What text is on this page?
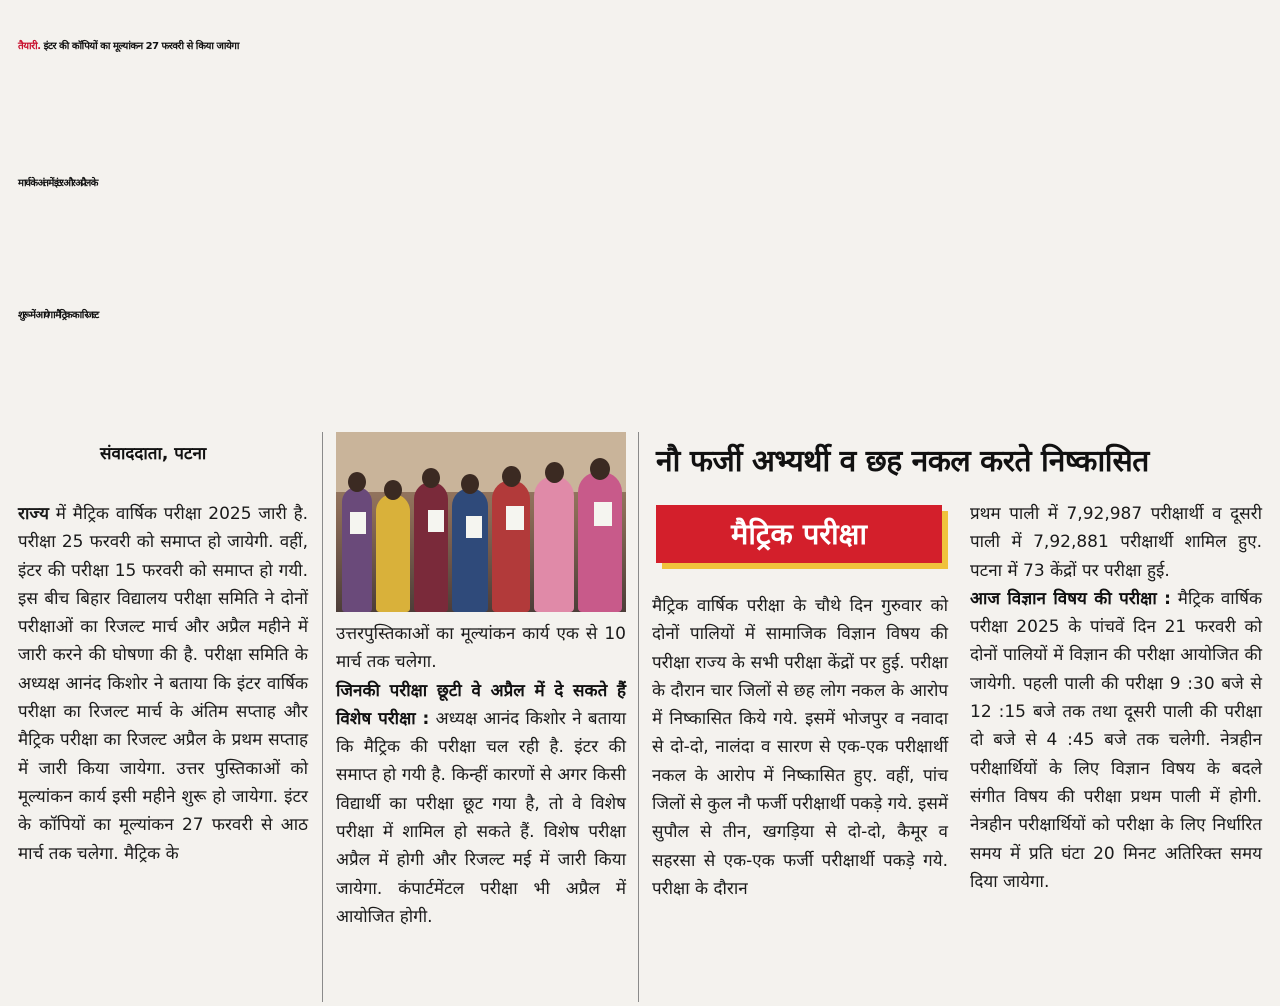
तैयारी. इंटर की कॉपियों का मूल्यांकन 27 फरवरी से किया जायेगा
मार्च के अंत में इंटर और अप्रैल के
शुरू में आयेगा मैट्रिक का रिजल्ट
संवाददाता, पटना

राज्य में मैट्रिक वार्षिक परीक्षा 2025 जारी है. परीक्षा 25 फरवरी को समाप्त हो जायेगी. वहीं, इंटर की परीक्षा 15 फरवरी को समाप्त हो गयी. इस बीच बिहार विद्यालय परीक्षा समिति ने दोनों परीक्षाओं का रिजल्ट मार्च और अप्रैल महीने में जारी करने की घोषणा की है. परीक्षा समिति के अध्यक्ष आनंद किशोर ने बताया कि इंटर वार्षिक परीक्षा का रिजल्ट मार्च के अंतिम सप्ताह और मैट्रिक परीक्षा का रिजल्ट अप्रैल के प्रथम सप्ताह में जारी किया जायेगा. उत्तर पुस्तिकाओं को मूल्यांकन कार्य इसी महीने शुरू हो जायेगा. इंटर के कॉपियों का मूल्यांकन 27 फरवरी से आठ मार्च तक चलेगा. मैट्रिक के

उत्तरपुस्तिकाओं का मूल्यांकन कार्य एक से 10 मार्च तक चलेगा.

जिनकी परीक्षा छूटी वे अप्रैल में दे सकते हैं विशेष परीक्षा : अध्यक्ष आनंद किशोर ने बताया कि मैट्रिक की परीक्षा चल रही है. इंटर की समाप्त हो गयी है. किन्हीं कारणों से अगर किसी विद्यार्थी का परीक्षा छूट गया है, तो वे विशेष परीक्षा में शामिल हो सकते हैं. विशेष परीक्षा अप्रैल में होगी और रिजल्ट मई में जारी किया जायेगा. कंपार्टमेंटल परीक्षा भी अप्रैल में आयोजित होगी.

नौ फर्जी अभ्यर्थी व छह नकल करते निष्कासित
मैट्रिक परीक्षा

मैट्रिक वार्षिक परीक्षा के चौथे दिन गुरुवार को दोनों पालियों में सामाजिक विज्ञान विषय की परीक्षा राज्य के सभी परीक्षा केंद्रों पर हुई. परीक्षा के दौरान चार जिलों से छह लोग नकल के आरोप में निष्कासित किये गये. इसमें भोजपुर व नवादा से दो-दो, नालंदा व सारण से एक-एक परीक्षार्थी नकल के आरोप में निष्कासित हुए. वहीं, पांच जिलों से कुल नौ फर्जी परीक्षार्थी पकड़े गये. इसमें सुपौल से तीन, खगड़िया से दो-दो, कैमूर व सहरसा से एक-एक फर्जी परीक्षार्थी पकड़े गये. परीक्षा के दौरान

प्रथम पाली में 7,92,987 परीक्षार्थी व दूसरी पाली में 7,92,881 परीक्षार्थी शामिल हुए. पटना में 73 केंद्रों पर परीक्षा हुई.

आज विज्ञान विषय की परीक्षा : मैट्रिक वार्षिक परीक्षा 2025 के पांचवें दिन 21 फरवरी को दोनों पालियों में विज्ञान की परीक्षा आयोजित की जायेगी. पहली पाली की परीक्षा 9 :30 बजे से 12 :15 बजे तक तथा दूसरी पाली की परीक्षा दो बजे से 4 :45 बजे तक चलेगी. नेत्रहीन परीक्षार्थियों के लिए विज्ञान विषय के बदले संगीत विषय की परीक्षा प्रथम पाली में होगी. नेत्रहीन परीक्षार्थियों को परीक्षा के लिए निर्धारित समय में प्रति घंटा 20 मिनट अतिरिक्त समय दिया जायेगा.
